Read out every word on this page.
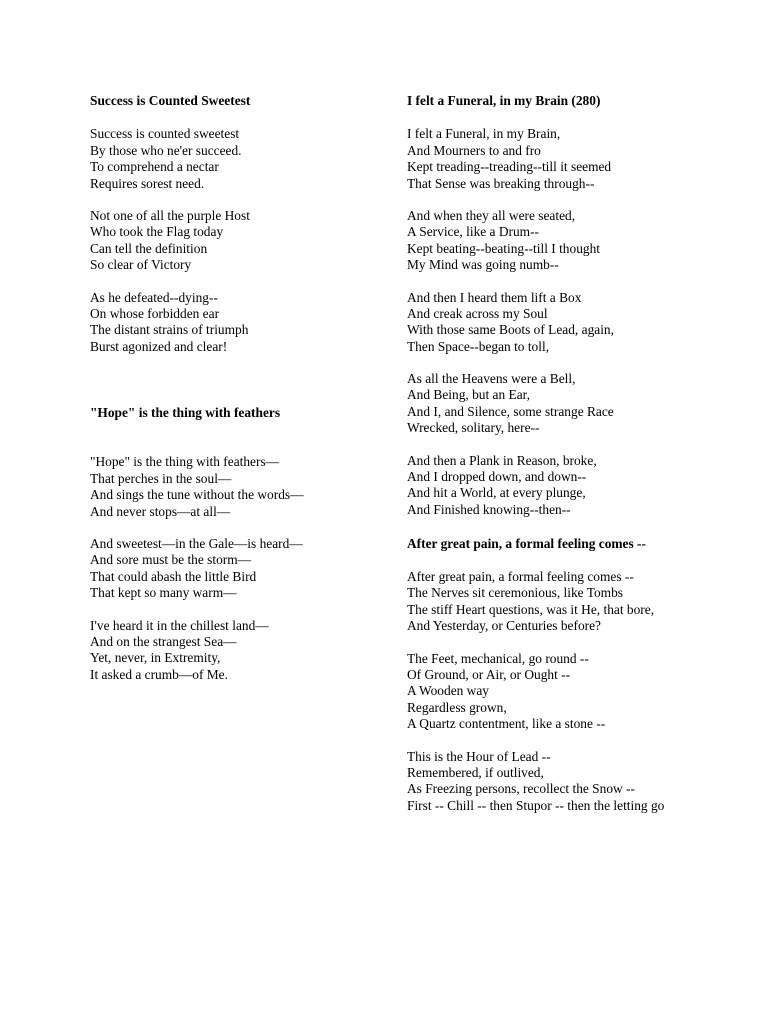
Success is Counted Sweetest
Success is counted sweetest
By those who ne'er succeed.
To comprehend a nectar
Requires sorest need.
Not one of all the purple Host
Who took the Flag today
Can tell the definition
So clear of Victory
As he defeated--dying--
On whose forbidden ear
The distant strains of triumph
Burst agonized and clear!
"Hope" is the thing with feathers
"Hope" is the thing with feathers—
That perches in the soul—
And sings the tune without the words—
And never stops—at all—
And sweetest—in the Gale—is heard—
And sore must be the storm—
That could abash the little Bird
That kept so many warm—
I've heard it in the chillest land—
And on the strangest Sea—
Yet, never, in Extremity,
It asked a crumb—of Me.
I felt a Funeral, in my Brain (280)
I felt a Funeral, in my Brain,
And Mourners to and fro
Kept treading--treading--till it seemed
That Sense was breaking through--
And when they all were seated,
A Service, like a Drum--
Kept beating--beating--till I thought
My Mind was going numb--
And then I heard them lift a Box
And creak across my Soul
With those same Boots of Lead, again,
Then Space--began to toll,
As all the Heavens were a Bell,
And Being, but an Ear,
And I, and Silence, some strange Race
Wrecked, solitary, here--
And then a Plank in Reason, broke,
And I dropped down, and down--
And hit a World, at every plunge,
And Finished knowing--then--
After great pain, a formal feeling comes --
After great pain, a formal feeling comes --
The Nerves sit ceremonious, like Tombs
The stiff Heart questions, was it He, that bore,
And Yesterday, or Centuries before?
The Feet, mechanical, go round --
Of Ground, or Air, or Ought --
A Wooden way
Regardless grown,
A Quartz contentment, like a stone --
This is the Hour of Lead --
Remembered, if outlived,
As Freezing persons, recollect the Snow --
First -- Chill -- then Stupor -- then the letting go
